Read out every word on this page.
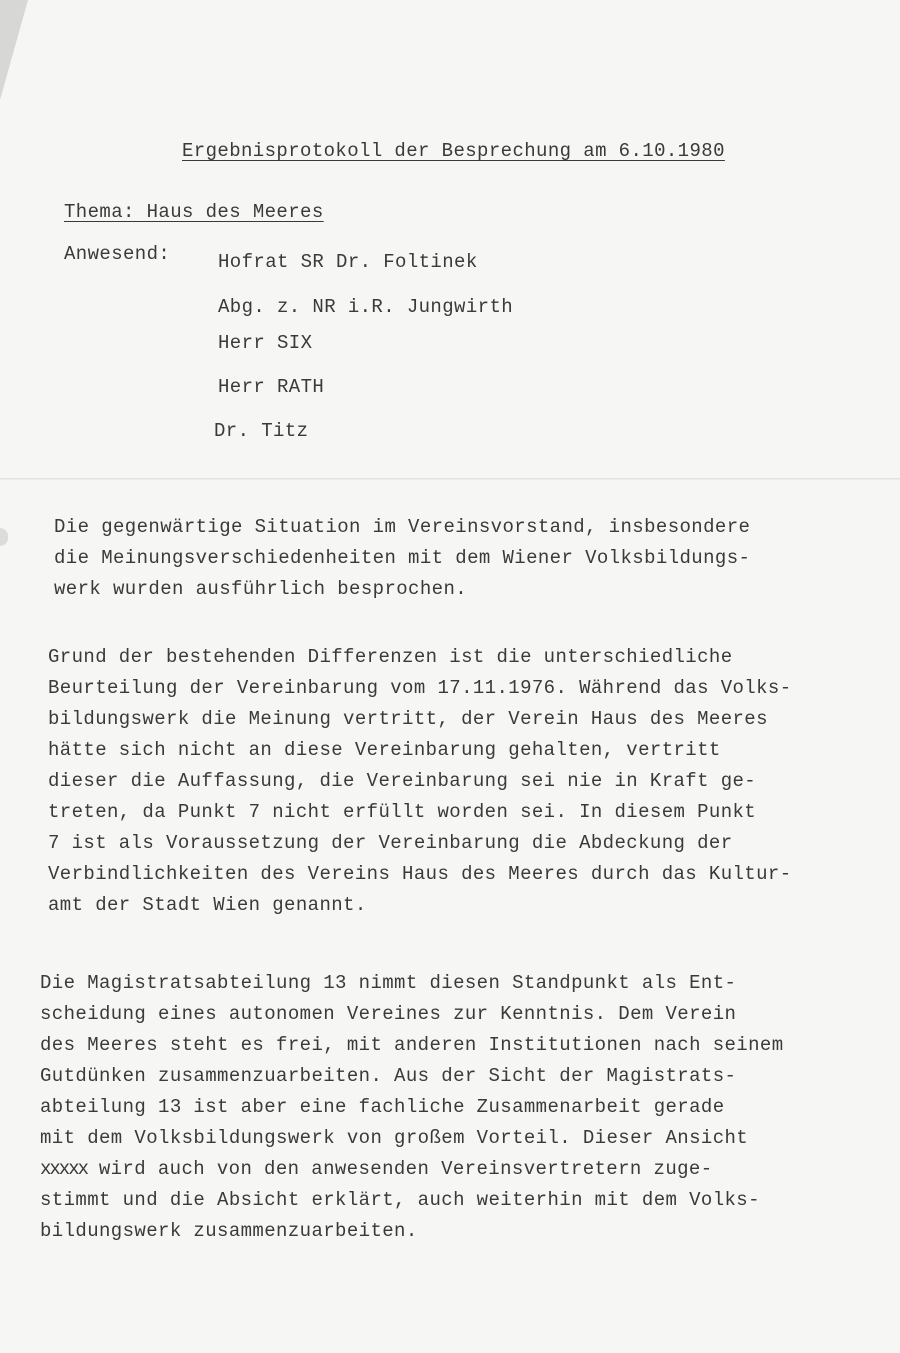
Ergebnisprotokoll der Besprechung am 6.10.1980
Thema: Haus des Meeres
Anwesend:	Hofrat SR Dr. Foltinek
Abg. z. NR i.R. Jungwirth
Herr SIX
Herr RATH
Dr. Titz
Die gegenwärtige Situation im Vereinsvorstand, insbesondere
die Meinungsverschiedenheiten mit dem Wiener Volksbildungs-
werk wurden ausführlich besprochen.
Grund der bestehenden Differenzen ist die unterschiedliche
Beurteilung der Vereinbarung vom 17.11.1976. Während das Volks-
bildungswerk die Meinung vertritt, der Verein Haus des Meeres
hätte sich nicht an diese Vereinbarung gehalten, vertritt
dieser die Auffassung, die Vereinbarung sei nie in Kraft ge-
treten, da Punkt 7 nicht erfüllt worden sei. In diesem Punkt
7 ist als Voraussetzung der Vereinbarung die Abdeckung der
Verbindlichkeiten des Vereins Haus des Meeres durch das Kultur-
amt der Stadt Wien genannt.
Die Magistratsabteilung 13 nimmt diesen Standpunkt als Ent-
scheidung eines autonomen Vereines zur Kenntnis. Dem Verein
des Meeres steht es frei, mit anderen Institutionen nach seinem
Gutdünken zusammenzuarbeiten. Aus der Sicht der Magistrats-
abteilung 13 ist aber eine fachliche Zusammenarbeit gerade
mit dem Volksbildungswerk von großem Vorteil. Dieser Ansicht
xxxxx wird auch von den anwesenden Vereinsvertretern zuge-
stimmt und die Absicht erklärt, auch weiterhin mit dem Volks-
bildungswerk zusammenzuarbeiten.
